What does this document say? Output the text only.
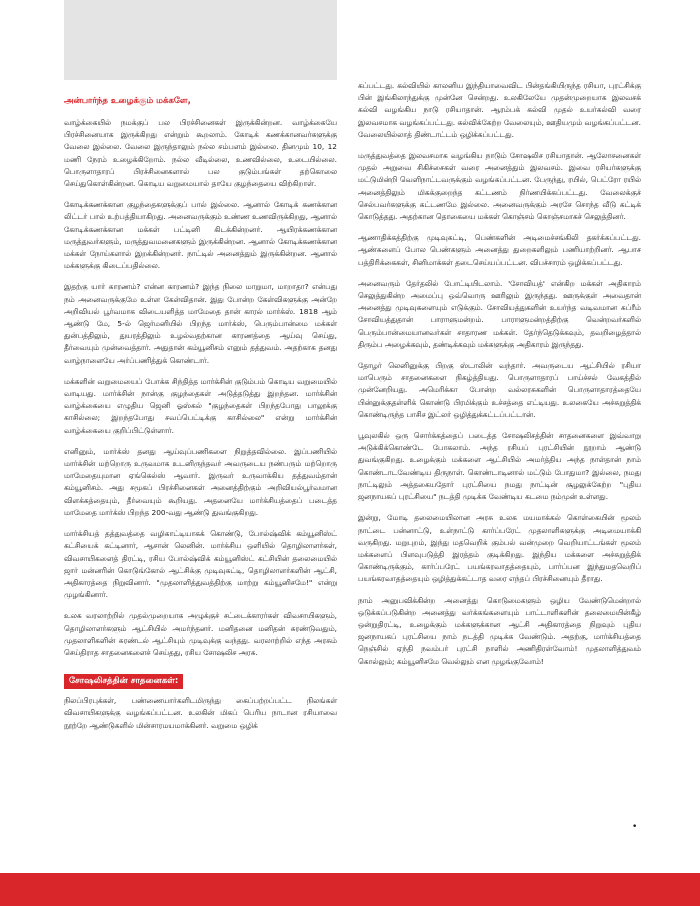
அன்பார்ந்த உழைக்கும் மக்களே,

வாழ்க்கையில் நமக்குப் பல பிரச்சினைகள் இருக்கின்றன. வாழ்க்கையே பிரச்சினையாக இருக்கிறது என்றும் கூறலாம். கோடிக் கணக்கானவர்களுக்கு வேலை இல்லை. வேலை இருந்தாலும் நல்ல சம்பளம் இல்லை. தினமும் 10, 12 மணி நேரம் உழைக்கிறோம். நல்ல வீடில்லை, உணவில்லை, உடையில்லை. பொருளாதாரப் பிரச்சினைகளால் பல குடும்பங்கள் தற்கொலை செய்துகொள்கின்றன. கொடிய வறுமையால் தாயே குழந்தையை விற்கிறாள்.

கோடிக்கணக்கான குழந்தைகளுக்குப் பால் இல்லை. ஆனால் கோடிக் கணக்கான லிட்டர் பால் உற்பத்தியாகிறது. அனைவருக்கும் உண்ண உணவிருக்கிறது, ஆனால் கோடிக்கணக்கான மக்கள் பட்டினி கிடக்கின்றனர். ஆயிரக்கணக்கான மருத்துவர்களும், மருத்துவமனைகளும் இருக்கின்றன. ஆனால் கோடிக்கணக்கான மக்கள் நோய்களால் இறக்கின்றனர். நாட்டில் அனைத்தும் இருக்கின்றன. ஆனால் மக்களுக்கு கிடைப்பதில்லை.

இதற்கு யார் காரணம்? என்ன காரணம்? இந்த நிலை மாறுமா, மாறாதா? என்பது நம் அனைவருக்குமே உள்ள கேள்விதான். இது போன்ற கேள்விகளுக்கு அன்றே அறிவியல் பூர்வமாக விடையளித்த மாமேதை தான் காரல் மார்க்ஸ். 1818 ஆம் ஆண்டு மே, 5-ல் ஜெர்மனியில் பிறந்த மார்க்ஸ், பெரும்பான்மை மக்கள் துன்பத்திலும், துயரத்திலும் உழல்வதற்கான காரணத்தை ஆய்வு செய்து, தீர்வையும் முன்வைத்தார். அதுதான் கம்யூனிசம் எனும் தத்துவம். அதற்காக தனது வாழ்நாளையே அர்ப்பணித்துக் கொண்டார்.

மக்களின் வறுமையைப் போக்க சிந்தித்த மார்க்சின் குடும்பம் கொடிய வறுமையில் வாடியது. மார்க்சின் நான்கு குழந்தைகள் அடுத்தடுத்து இறந்தன. மார்க்சின் வாழ்க்கையை எழுதிய ஜெனி ஓஸ்கல் "குழந்தைகள் பிறந்தபோது பாலூக்கு காசில்லை; இறந்தபோது சவப்பெட்டிக்கு காசில்லை" என்று மார்க்சின் வாழ்க்கையை குறிப்பிட்டுள்ளார்.

எனினும், மார்க்ஸ் தனது ஆய்வுப்பணிகளை நிறுத்தவில்லை. இப்பணியில் மார்க்சின் மற்றொரு உருவமாக உடனிருந்தவர் அவருடைய நண்பரும் மற்றொரு மாமேதையுமான ஏங்கெல்ஸ் ஆவார். இருவர் உருவாக்கிய தத்துவம்தான் கம்யூனிசம். அது சமூகப் பிரச்சினைகள் அனைத்திற்கும் அறிவியல்பூர்வமான விளக்கத்தையும், தீர்வையும் கூறியது. அதனையே மார்க்சியத்தைப் படைத்த மாமேதை மார்க்ஸ் பிறந்த 200-வது ஆண்டு துவங்குகிறது.

மார்க்சியத் தத்துவத்தை வழிகாட்டியாகக் கொண்டு, போல்ஷ்விக் கம்யூனிஸ்ட் கட்சியைக் கட்டினார், ஆசான் லெனின். மார்க்சிய ஒளியில் தொழிலாளர்கள், விவசாயிகளைத் திரட்டி, ரசிய போல்ஷ்விக் கம்யூனிஸ்ட் கட்சியின் தலைமையில் ஜார் மன்னரின் கொடுங்கோல் ஆட்சிக்கு முடிவுகட்டி, தொழிலாளர்களின் ஆட்சி, அதிகாரத்தை நிறுவினார். "முதலாளித்துவத்திற்கு மாற்று கம்யூனிசமே!" என்று முழங்கினார்.

உலக வரலாற்றில் முதல்முறையாக அழுக்குச் சட்டைக்காரர்கள் விவசாயிகளும், தொழிலாளர்களும் ஆட்சியில் அமர்ந்தனர். மனிதனை மனிதன் சுரண்டுவதும், முதலாளிகளின் சுரண்டல் ஆட்சியும் முடிவுக்கு வந்தது. வரலாற்றில் எந்த அரசும் செய்திராத சாதனைகளைச் செய்தது, ரசிய சோஷலிச அரசு.

சோஷலிசத்தின் சாதனைகள்:

நிலப்பிரபுக்கள், பண்ணையார்களிடமிருந்து கைப்பற்றப்பட்ட நிலங்கள் விவசாயிகளுக்கு வழங்கப்பட்டன. உலகின் மிகப் பெரிய நாடான ரசியாவை நூற்றே ஆண்டுகளில் மின்சாரமயமாக்கினர். வறுமை ஒழிக்

கப்பட்டது. கல்வியில் காலனிய இந்தியாவைவிட பின்தங்கியிருந்த ரசியா, புரட்சிக்கு பின் இங்கிலாந்துக்கு முன்னே சென்றது. உலகிலேயே முதன்முறையாக இலவசக் கல்வி வழங்கிய நாடு ரசியாதான். ஆரம்பக் கல்வி முதல் உயர்கல்வி வரை இலவசமாக வழங்கப்பட்டது. கல்விக்கேற்ற வேலையும், ஊதியமும் வழங்கப்பட்டன. வேலையில்லாத் திண்டாட்டம் ஒழிக்கப்பட்டது.

மருத்துவத்தை இலவசமாக வழங்கிய நாடும் சோஷலிச ரசியாதான். ஆலோசனைகள் முதல் அறுவை சிகிச்சைகள் வரை அனைத்தும் இலவசம். இவை ரசியர்களுக்கு மட்டுமின்றி வெளிநாட்டவருக்கும் வழங்கப்பட்டன. பேருந்து, ரயில், பெட்ரோ ரயில் அனைத்திலும் மிகக்குறைந்த கட்டணம் நிர்ணயிக்கப்பட்டது. வேலைக்குச் செல்பவர்களுக்கு கட்டணமே இல்லை. அனைவருக்கும் அரசே சொந்த வீடு கட்டிக் கொடுத்தது. அதற்கான தொகையை மக்கள் கொஞ்சம் கொஞ்சமாகச் செலுத்தினர்.

ஆணாதிக்கத்திற்கு முடிவுகட்டி, பெண்களின் அடிமைச்சங்கிலி தகர்க்கப்பட்டது. ஆண்களைப் போல பெண்களும் அனைத்து துறைகளிலும் பணியாற்றினர். ஆபாச பத்திரிக்கைகள், சினிமாக்கள் தடைசெய்யப்பட்டன. விபச்சாரம் ஒழிக்கப்பட்டது.

அனைவரும் தேர்தலில் போட்டியிடலாம். 'சோவியத்' என்கிற மக்கள் அதிகாரம் செலுத்துகின்ற அமைப்பு ஒவ்வொரு ஊரிலும் இருந்தது. ஊருக்குள் அவைதான் அனைத்து முடிவுகளையும் எடுக்கும். சோவியத்துகளின் உயர்ந்த வடிவமான சுப்ரீம் சோவியத்துதான் பாராளுமன்றம். பாராளுமன்றத்திற்கு வென்றவர்களில் பெரும்பான்மையானவர்கள் சாதாரண மக்கள். தேர்ந்தெடுக்கவும், தவறிழைத்தால் திரும்ப அழைக்கவும், தண்டிக்கவும் மக்களுக்கு அதிகாரம் இருந்தது.

தோழர் லெனினுக்கு பிறகு ஸ்டாலின் வந்தார். அவருடைய ஆட்சியில் ரசியா மாபெரும் சாதனைகளை நிகழ்த்தியது. பொருளாதாரப் பாய்ச்சல் வேகத்தில் முன்னேறியது. அமெரிக்கா போன்ற வல்லரசுகளின் பொருளாதாரத்தையே பின்னுக்குதள்ளிக் கொண்டு பிரமிக்கும் உச்சத்தை எட்டியது. உலகையே அச்சுறுத்திக் கொண்டிருந்த பாசிச இட்லர் ஒழித்துக்கட்டப்பட்டான்.

பூவுலகில் ஒரு சொர்க்கத்தைப் படைத்த சோஷலிசத்தின் சாதனைகளை இவ்வாறு அடுக்கிக்கொண்டே போகலாம். அந்த ரசியப் புரட்சியின் நூறாம் ஆண்டு துவங்குகிறது. உழைக்கும் மக்களை ஆட்சியில் அமர்த்திய அந்த நாள்தான் நாம் கொண்டாடவேண்டிய திருநாள். கொண்டாடினால் மட்டும் போதுமா? இல்லை, நமது நாட்டிலும் அத்தகையதோர் புரட்சியை நமது நாட்டின் சூழலுக்கேற்ற "புதிய ஜனநாயகப் புரட்சியை" நடத்தி முடிக்க வேண்டிய கடமை நம்முன் உள்ளது.

இன்று, மோடி தலைமையிலான அரசு உலக மயமாக்கல் கொள்கையின் மூலம் நாட்டை பன்னாட்டு, உள்நாட்டு கார்ப்பரேட் முதலாளிகளுக்கு அடிமையாக்கி வருகிறது. மறுபுறம், இந்து மதவெறிக் கும்பல் வன்முறை வெறியாட்டங்கள் மூலம் மக்களைப் பிளவுபடுத்தி இரத்தம் குடிக்கிறது. இந்திய மக்களை அச்சுறுத்திக் கொண்டிருக்கும், கார்ப்பரேட் பயங்கரவாதத்தையும், பார்ப்பன இந்துமதவெறிப் பயங்கரவாதத்தையும் ஒழித்துக்கட்டாத வரை எந்தப் பிரச்சினையும் தீராது.

நாம் அனுபவிக்கின்ற அனைத்து கொடுமைகளும் ஒழிய வேண்டுமென்றால் ஒடுக்கப்படுகின்ற அனைத்து வர்க்கங்களையும் பாட்டாளிகளின் தலைமையின்கீழ் ஒன்றுதிரட்டி, உழைக்கும் மக்களுக்கான ஆட்சி அதிகாரத்தை நிறுவும் புதிய ஜனநாயகப் புரட்சியை நாம் நடத்தி முடிக்க வேண்டும். அதற்கு, மார்க்சியத்தை நெஞ்சில் ஏந்தி நவம்பர் புரட்சி நாளில் அணிதிரள்வோம்! முதலாளித்துவம் கொல்லும்; கம்யூனிசமே வெல்லும் என முழங்குவோம்!

•
